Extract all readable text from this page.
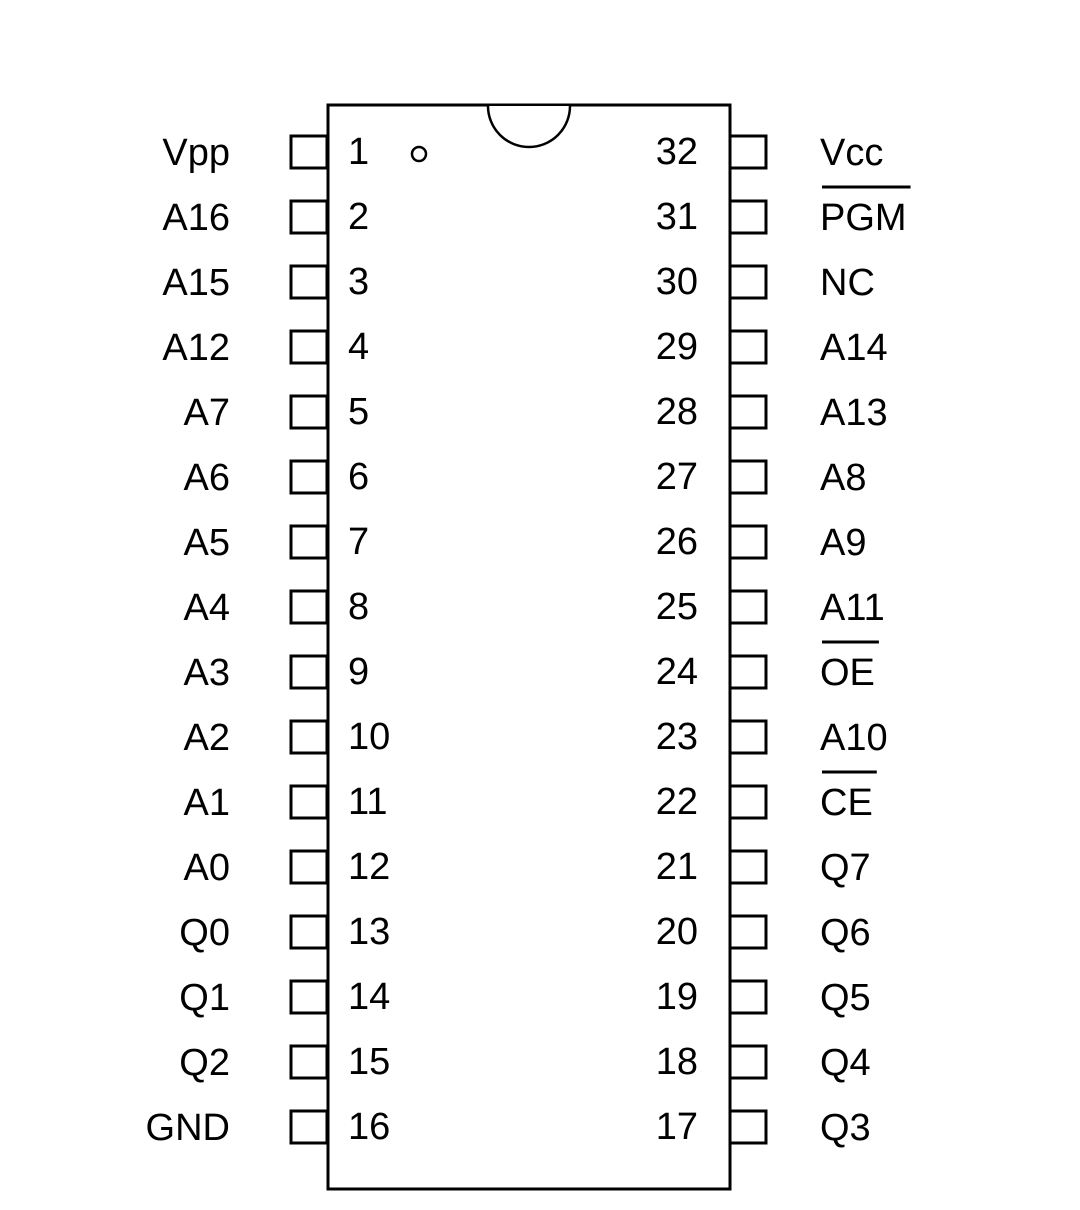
1
Vpp
2
A16
3
A15
4
A12
5
A7
6
A6
7
A5
8
A4
9
A3
10
A2
11
A1
12
A0
13
Q0
14
Q1
15
Q2
16
GND
32	Vcc
31	PGM
30	NC
29	A14
28	A13
27	A8
26	A9
25	A11
24	OE
23	A10
22	CE
21	Q7
20	Q6
19	Q5
18	Q4
17	Q3
